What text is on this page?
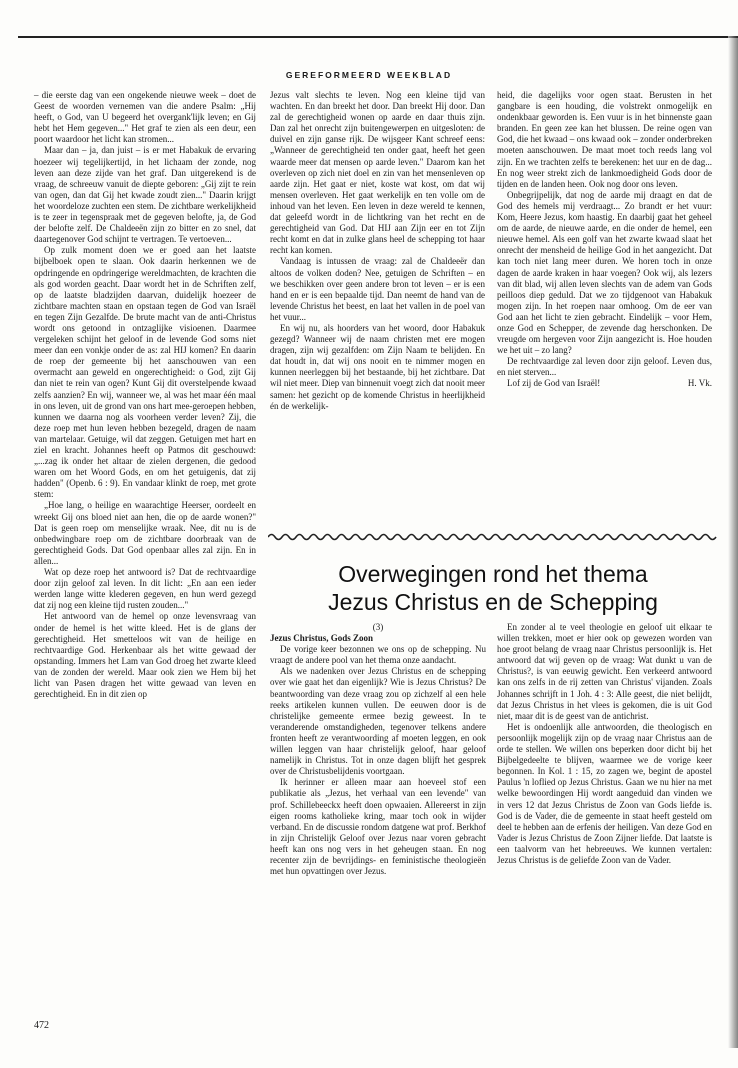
GEREFORMEERD WEEKBLAD

– die eerste dag van een ongekende nieuwe week – doet de Geest de woorden vernemen van die andere Psalm: „Hij heeft, o God, van U begeerd het overgank'lijk leven; en Gij hebt het Hem gegeven..." Het graf te zien als een deur, een poort waardoor het licht kan stromen...

Maar dan – ja, dan juist – is er met Habakuk de ervaring hoezeer wij tegelijkertijd, in het lichaam der zonde, nog leven aan deze zijde van het graf. Dan uitgerekend is de vraag, de schreeuw vanuit de diepte geboren: „Gij zijt te rein van ogen, dan dat Gij het kwade zoudt zien..." Daarin krijgt het woordeloze zuchten een stem. De zichtbare werkelijkheid is te zeer in tegenspraak met de gegeven belofte, ja, de God der belofte zelf. De Chaldeeën zijn zo bitter en zo snel, dat daartegenover God schijnt te vertragen. Te vertoeven...

Op zulk moment doen we er goed aan het laatste bijbelboek open te slaan. Ook daarin herkennen we de opdringende en opdringerige wereldmachten, de krachten die als god worden geacht. Daar wordt het in de Schriften zelf, op de laatste bladzijden daarvan, duidelijk hoezeer de zichtbare machten staan en opstaan tegen de God van Israël en tegen Zijn Gezalfde. De brute macht van de anti-Christus wordt ons getoond in ontzaglijke visioenen. Daarmee vergeleken schijnt het geloof in de levende God soms niet meer dan een vonkje onder de as: zal HIJ komen? En daarin de roep der gemeente bij het aanschouwen van een overmacht aan geweld en ongerechtigheid: o God, zijt Gij dan niet te rein van ogen? Kunt Gij dit overstelpende kwaad zelfs aanzien? En wij, wanneer we, al was het maar één maal in ons leven, uit de grond van ons hart mee-geroepen hebben, kunnen we daarna nog als voorheen verder leven? Zij, die deze roep met hun leven hebben bezegeld, dragen de naam van martelaar. Getuige, wil dat zeggen. Getuigen met hart en ziel en kracht. Johannes heeft op Patmos dit geschouwd: „...zag ik onder het altaar de zielen dergenen, die gedood waren om het Woord Gods, en om het getuigenis, dat zij hadden" (Openb. 6 : 9). En vandaar klinkt de roep, met grote stem:

„Hoe lang, o heilige en waarachtige Heerser, oordeelt en wreekt Gij ons bloed niet aan hen, die op de aarde wonen?" Dat is geen roep om menselijke wraak. Nee, dit nu is de onbedwingbare roep om de zichtbare doorbraak van de gerechtigheid Gods. Dat God openbaar alles zal zijn. En in allen...

Wat op deze roep het antwoord is? Dat de rechtvaardige door zijn geloof zal leven. In dit licht: „En aan een ieder werden lange witte klederen gegeven, en hun werd gezegd dat zij nog een kleine tijd rusten zouden..."

Het antwoord van de hemel op onze levensvraag van onder de hemel is het witte kleed. Het is de glans der gerechtigheid. Het smetteloos wit van de heilige en rechtvaardige God. Herkenbaar als het witte gewaad der opstanding. Immers het Lam van God droeg het zwarte kleed van de zonden der wereld. Maar ook zien we Hem bij het licht van Pasen dragen het witte gewaad van leven en gerechtigheid. En in dit zien op

Jezus valt slechts te leven. Nog een kleine tijd van wachten. En dan breekt het door. Dan breekt Hij door. Dan zal de gerechtigheid wonen op aarde en daar thuis zijn. Dan zal het onrecht zijn buitengewerpen en uitgesloten: de duivel en zijn ganse rijk. De wijsgeer Kant schreef eens: „Wanneer de gerechtigheid ten onder gaat, heeft het geen waarde meer dat mensen op aarde leven." Daarom kan het overleven op zich niet doel en zin van het mensenleven op aarde zijn. Het gaat er niet, koste wat kost, om dat wij mensen overleven. Het gaat werkelijk en ten volle om de inhoud van het leven. Een leven in deze wereld te kennen, dat geleefd wordt in de lichtkring van het recht en de gerechtigheid van God. Dat HIJ aan Zijn eer en tot Zijn recht komt en dat in zulke glans heel de schepping tot haar recht kan komen.

Vandaag is intussen de vraag: zal de Chaldeeër dan altoos de volken doden? Nee, getuigen de Schriften – en we beschikken over geen andere bron tot leven – er is een hand en er is een bepaalde tijd. Dan neemt de hand van de levende Christus het beest, en laat het vallen in de poel van het vuur...

En wij nu, als hoorders van het woord, door Habakuk gezegd? Wanneer wij de naam christen met ere mogen dragen, zijn wij gezalfden: om Zijn Naam te belijden. En dat houdt in, dat wij ons nooit en te nimmer mogen en kunnen neerleggen bij het bestaande, bij het zichtbare. Dat wil niet meer. Diep van binnenuit voegt zich dat nooit meer samen: het gezicht op de komende Christus in heerlijkheid én de werkelijk-

heid, die dagelijks voor ogen staat. Berusten in het gangbare is een houding, die volstrekt onmogelijk en ondenkbaar geworden is. Een vuur is in het binnenste gaan branden. En geen zee kan het blussen. De reine ogen van God, die het kwaad – ons kwaad ook – zonder onderbreken moeten aanschouwen. De maat moet toch reeds lang vol zijn. En we trachten zelfs te berekenen: het uur en de dag... En nog weer strekt zich de lankmoedigheid Gods door de tijden en de landen heen. Ook nog door ons leven.

Onbegrijpelijk, dat nog de aarde mij draagt en dat de God des hemels mij verdraagt... Zo brandt er het vuur: Kom, Heere Jezus, kom haastig. En daarbij gaat het geheel om de aarde, de nieuwe aarde, en die onder de hemel, een nieuwe hemel. Als een golf van het zwarte kwaad slaat het onrecht der mensheid de heilige God in het aangezicht. Dat kan toch niet lang meer duren. We horen toch in onze dagen de aarde kraken in haar voegen? Ook wij, als lezers van dit blad, wij allen leven slechts van de adem van Gods peilloos diep geduld. Dat we zo tijdgenoot van Habakuk mogen zijn. In het roepen naar omhoog. Om de eer van God aan het licht te zien gebracht. Eindelijk – voor Hem, onze God en Schepper, de zevende dag herschonken. De vreugde om hergeven voor Zijn aangezicht is. Hoe houden we het uit – zo lang?

De rechtvaardige zal leven door zijn geloof. Leven dus, en niet sterven...

Lof zij de God van Israël!	H. Vk.

Overwegingen rond het thema
Jezus Christus en de Schepping

(3)

Jezus Christus, Gods Zoon

De vorige keer bezonnen we ons op de schepping. Nu vraagt de andere pool van het thema onze aandacht.

Als we nadenken over Jezus Christus en de schepping over wie gaat het dan eigenlijk? Wie is Jezus Christus? De beantwoording van deze vraag zou op zichzelf al een hele reeks artikelen kunnen vullen. De eeuwen door is de christelijke gemeente ermee bezig geweest. In te veranderende omstandigheden, tegenover telkens andere fronten heeft ze verantwoording af moeten leggen, en ook willen leggen van haar christelijk geloof, haar geloof namelijk in Christus. Tot in onze dagen blijft het gesprek over de Christusbelijdenis voortgaan.

Ik herinner er alleen maar aan hoeveel stof een publikatie als „Jezus, het verhaal van een levende" van prof. Schillebeeckx heeft doen opwaaien. Allereerst in zijn eigen rooms katholieke kring, maar toch ook in wijder verband. En de discussie rondom datgene wat prof. Berkhof in zijn Christelijk Geloof over Jezus naar voren gebracht heeft kan ons nog vers in het geheugen staan. En nog recenter zijn de bevrijdings- en feministische theologieën met hun opvattingen over Jezus.

En zonder al te veel theologie en geloof uit elkaar te willen trekken, moet er hier ook op gewezen worden van hoe groot belang de vraag naar Christus persoonlijk is. Het antwoord dat wij geven op de vraag: Wat dunkt u van de Christus?, is van eeuwig gewicht. Een verkeerd antwoord kan ons zelfs in de rij zetten van Christus' vijanden. Zoals Johannes schrijft in 1 Joh. 4 : 3: Alle geest, die niet belijdt, dat Jezus Christus in het vlees is gekomen, die is uit God niet, maar dit is de geest van de antichrist.

Het is ondoenlijk alle antwoorden, die theologisch en persoonlijk mogelijk zijn op de vraag naar Christus aan de orde te stellen. We willen ons beperken door dicht bij het Bijbelgedeelte te blijven, waarmee we de vorige keer begonnen. In Kol. 1 : 15, zo zagen we, begint de apostel Paulus 'n loflied op Jezus Christus. Gaan we nu hier na met welke bewoordingen Hij wordt aangeduid dan vinden we in vers 12 dat Jezus Christus de Zoon van Gods liefde is. God is de Vader, die de gemeente in staat heeft gesteld om deel te hebben aan de erfenis der heiligen. Van deze God en Vader is Jezus Christus de Zoon Zijner liefde. Dat laatste is een taalvorm van het hebreeuws. We kunnen vertalen: Jezus Christus is de geliefde Zoon van de Vader.

472
